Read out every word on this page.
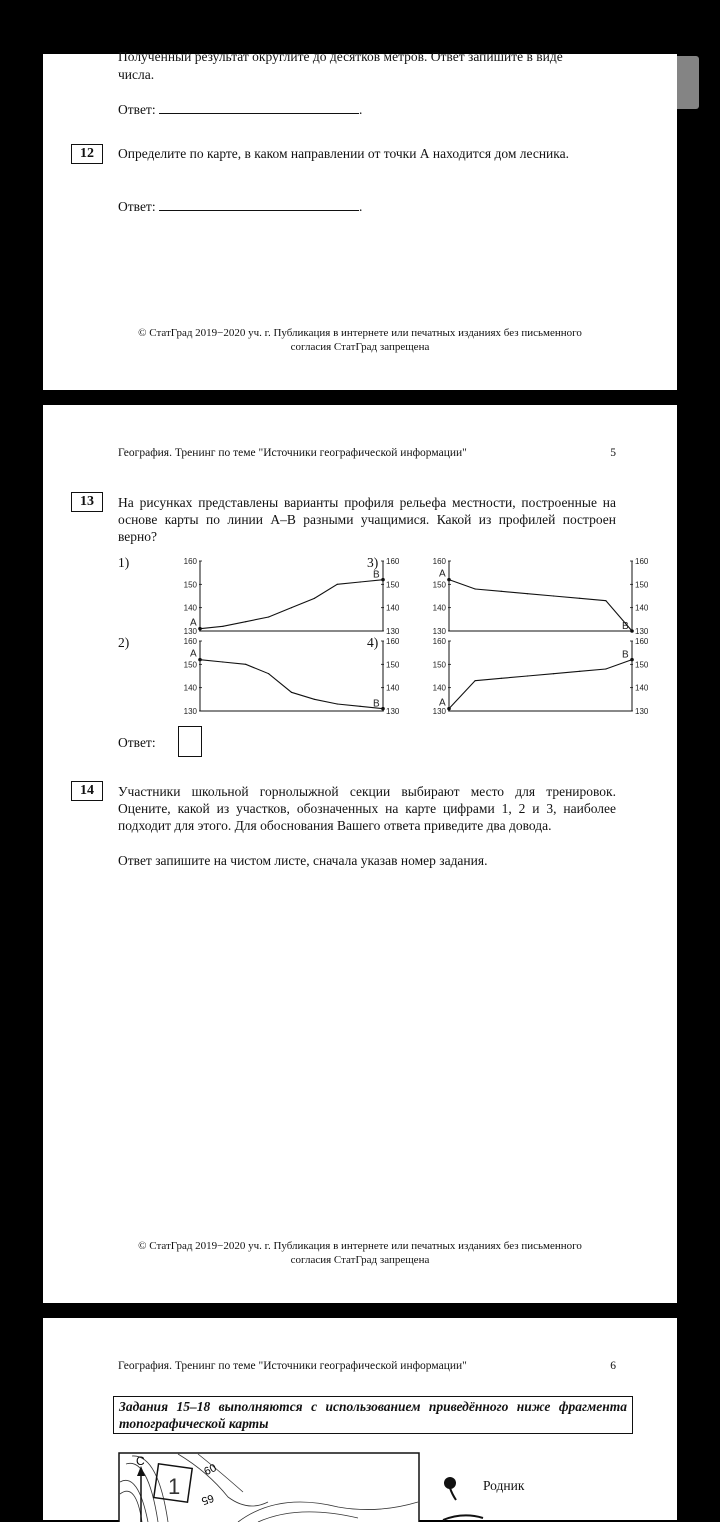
Полученный результат округлите до десятков метров. Ответ запишите в виде
числа.
Ответ:	.
12	Определите по карте, в каком направлении от точки А находится дом лесника.
Ответ:	.
© СтатГрад 2019−2020 уч. г. Публикация в интернете или печатных изданиях без письменного
согласия СтатГрад запрещена
География. Тренинг по теме "Источники географической информации"	5
13	На рисунках представлены варианты профиля рельефа местности, построенные на основе карты по линии А–В разными учащимися. Какой из профилей построен верно?
1)
2)
3)
4)
160	160
150	150
140	140
130	130
A
B
160	160
150	150
140	140
130	130
A
B
160	160
150	150
140	140
130	130
A
B
160	160
150	150
140	140
130	130
A
B
Ответ:
14	Участники школьной горнолыжной секции выбирают место для тренировок. Оцените, какой из участков, обозначенных на карте цифрами 1, 2 и 3, наиболее подходит для этого. Для обоснования Вашего ответа приведите два довода.
Ответ запишите на чистом листе, сначала указав номер задания.
© СтатГрад 2019−2020 уч. г. Публикация в интернете или печатных изданиях без письменного
согласия СтатГрад запрещена
География. Тренинг по теме "Источники географической информации"	6
Задания 15–18 выполняются с использованием приведённого ниже фрагмента топографической карты
С
1
60
65
Родник
